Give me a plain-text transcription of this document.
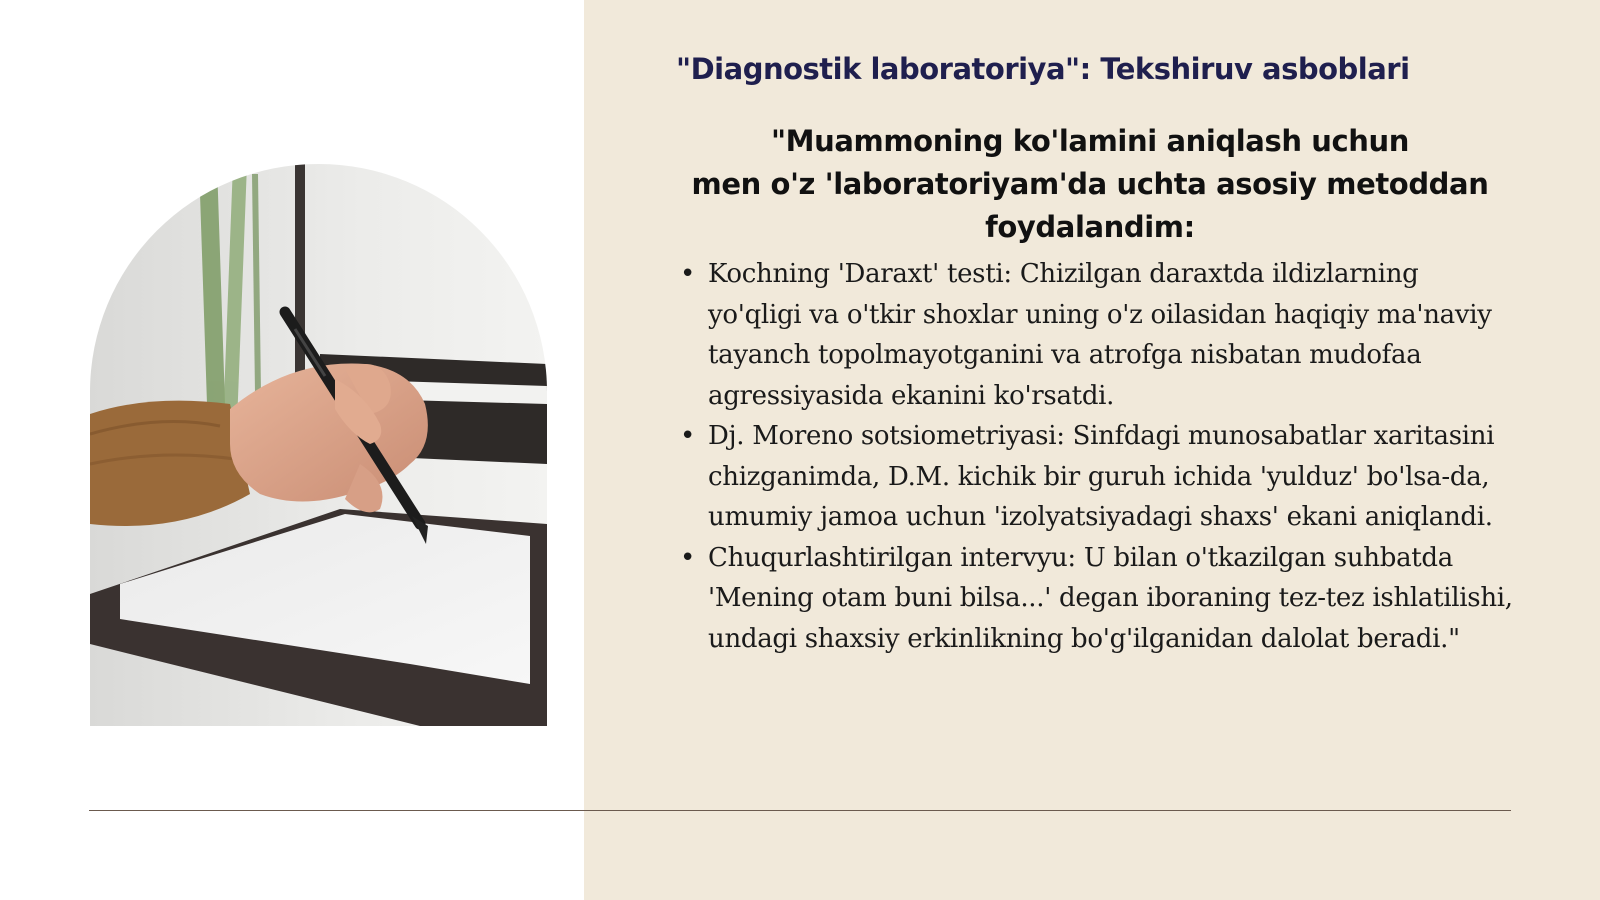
"Diagnostik laboratoriya": Tekshiruv asboblari
"Muammoning ko'lamini aniqlash uchun
men o'z 'laboratoriyam'da uchta asosiy metoddan
foydalandim:
• Kochning 'Daraxt' testi: Chizilgan daraxtda ildizlarning yo'qligi va o'tkir shoxlar uning o'z oilasidan haqiqiy ma'naviy tayanch topolmayotganini va atrofga nisbatan mudofaa agressiyasida ekanini ko'rsatdi.
• Dj. Moreno sotsiometriyasi: Sinfdagi munosabatlar xaritasini chizganimda, D.M. kichik bir guruh ichida 'yulduz' bo'lsa-da, umumiy jamoa uchun 'izolyatsiyadagi shaxs' ekani aniqlandi.
• Chuqurlashtirilgan intervyu: U bilan o'tkazilgan suhbatda 'Mening otam buni bilsa...' degan iboraning tez-tez ishlatilishi, undagi shaxsiy erkinlikning bo'g'ilganidan dalolat beradi."
